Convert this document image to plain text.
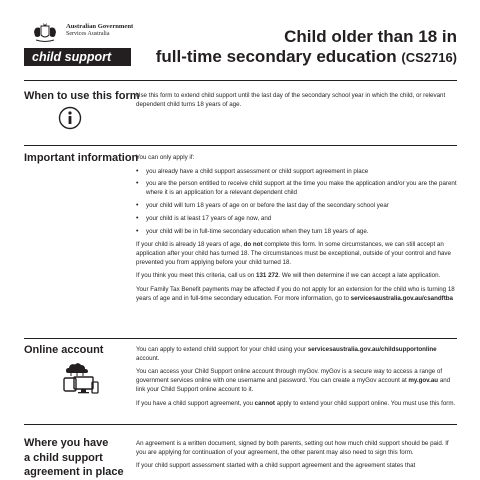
Australian Government
Services Australia
child support
Child older than 18 in
full-time secondary education (CS2716)
When to use this form

Use this form to extend child support until the last day of the secondary school year in which the child, or relevant dependent child turns 18 years of age.

Important information

You can only apply if:

• you already have a child support assessment or child support agreement in place
• you are the person entitled to receive child support at the time you make the application and/or you are the parent where it is an application for a relevant dependent child
• your child will turn 18 years of age on or before the last day of the secondary school year
• your child is at least 17 years of age now, and
• your child will be in full-time secondary education when they turn 18 years of age.

If your child is already 18 years of age, do not complete this form. In some circumstances, we can still accept an application after your child has turned 18. The circumstances must be exceptional, outside of your control and have prevented you from applying before your child turned 18.

If you think you meet this criteria, call us on 131 272. We will then determine if we can accept a late application.

Your Family Tax Benefit payments may be affected if you do not apply for an extension for the child who is turning 18 years of age and in full-time secondary education. For more information, go to servicesaustralia.gov.au/csandftba

Online account	You can apply to extend child support for your child using your servicesaustralia.gov.au/childsupportonline account.

You can access your Child Support online account through myGov. myGov is a secure way to access a range of government services online with one username and password. You can create a myGov account at my.gov.au and link your Child Support online account to it.

If you have a child support agreement, you cannot apply to extend your child support online. You must use this form.

Where you have
a child support
agreement in place

An agreement is a written document, signed by both parents, setting out how much child support should be paid. If you are applying for continuation of your agreement, the other parent may also need to sign this form.

If your child support assessment started with a child support agreement and the agreement states that
